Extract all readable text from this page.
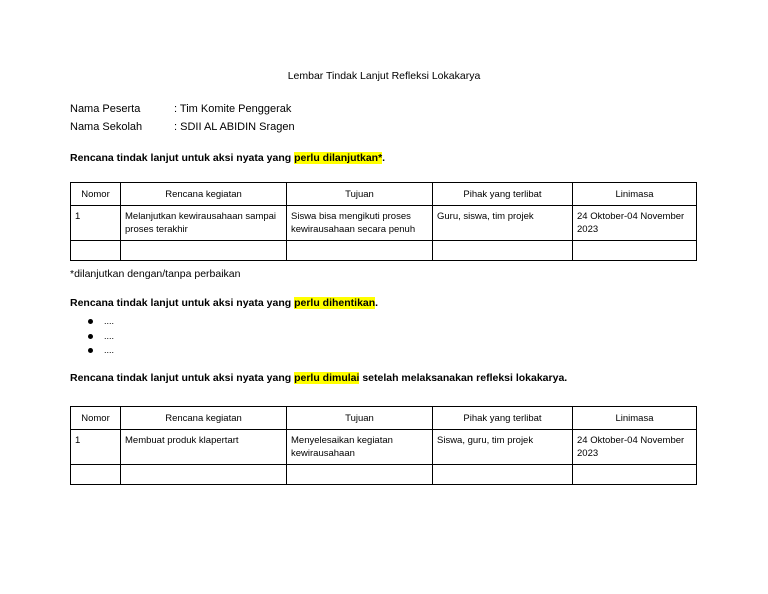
Lembar Tindak Lanjut Refleksi Lokakarya
Nama Peserta	: Tim Komite Penggerak
Nama Sekolah	: SDII AL ABIDIN Sragen
Rencana tindak lanjut untuk aksi nyata yang perlu dilanjutkan*.
Nomor	Rencana kegiatan	Tujuan	Pihak yang terlibat	Linimasa
1	Melanjutkan kewirausahaan sampai proses terakhir	Siswa bisa mengikuti proses kewirausahaan secara penuh	Guru, siswa, tim projek	24 Oktober-04 November 2023

*dilanjutkan dengan/tanpa perbaikan
Rencana tindak lanjut untuk aksi nyata yang perlu dihentikan.
....
....
....
Rencana tindak lanjut untuk aksi nyata yang perlu dimulai setelah melaksanakan refleksi lokakarya.
Nomor	Rencana kegiatan	Tujuan	Pihak yang terlibat	Linimasa
1	Membuat produk klapertart	Menyelesaikan kegiatan kewirausahaan	Siswa, guru, tim projek	24 Oktober-04 November 2023
